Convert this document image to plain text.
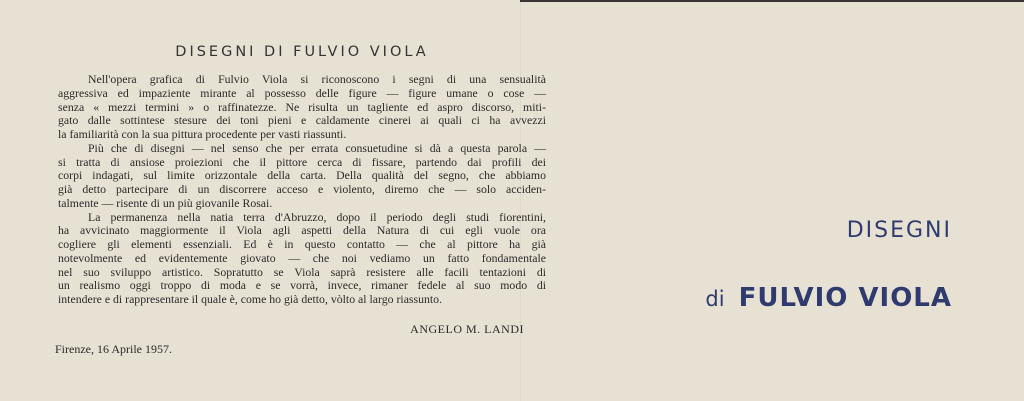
DISEGNI DI FULVIO VIOLA
Nell'opera grafica di Fulvio Viola si riconoscono i segni di una sensualità
aggressiva ed impaziente mirante al possesso delle figure — figure umane o cose —
senza « mezzi termini » o raffinatezze. Ne risulta un tagliente ed aspro discorso, miti-
gato dalle sottintese stesure dei toni pieni e caldamente cinerei ai quali ci ha avvezzi
la familiarità con la sua pittura procedente per vasti riassunti.
Più che di disegni — nel senso che per errata consuetudine si dà a questa parola —
si tratta di ansiose proiezioni che il pittore cerca di fissare, partendo dai profili dei
corpi indagati, sul limite orizzontale della carta. Della qualità del segno, che abbiamo
già detto partecipare di un discorrere acceso e violento, diremo che — solo acciden-
talmente — risente di un più giovanile Rosai.
La permanenza nella natia terra d'Abruzzo, dopo il periodo degli studi fiorentini,
ha avvicinato maggiormente il Viola agli aspetti della Natura di cui egli vuole ora
cogliere gli elementi essenziali. Ed è in questo contatto — che al pittore ha già
notevolmente ed evidentemente giovato — che noi vediamo un fatto fondamentale
nel suo sviluppo artistico. Sopratutto se Viola saprà resistere alle facili tentazioni di
un realismo oggi troppo di moda e se vorrà, invece, rimaner fedele al suo modo di
intendere e di rappresentare il quale è, come ho già detto, vòlto al largo riassunto.
ANGELO M. LANDI
Firenze, 16 Aprile 1957.
DISEGNI
di FULVIO VIOLA
